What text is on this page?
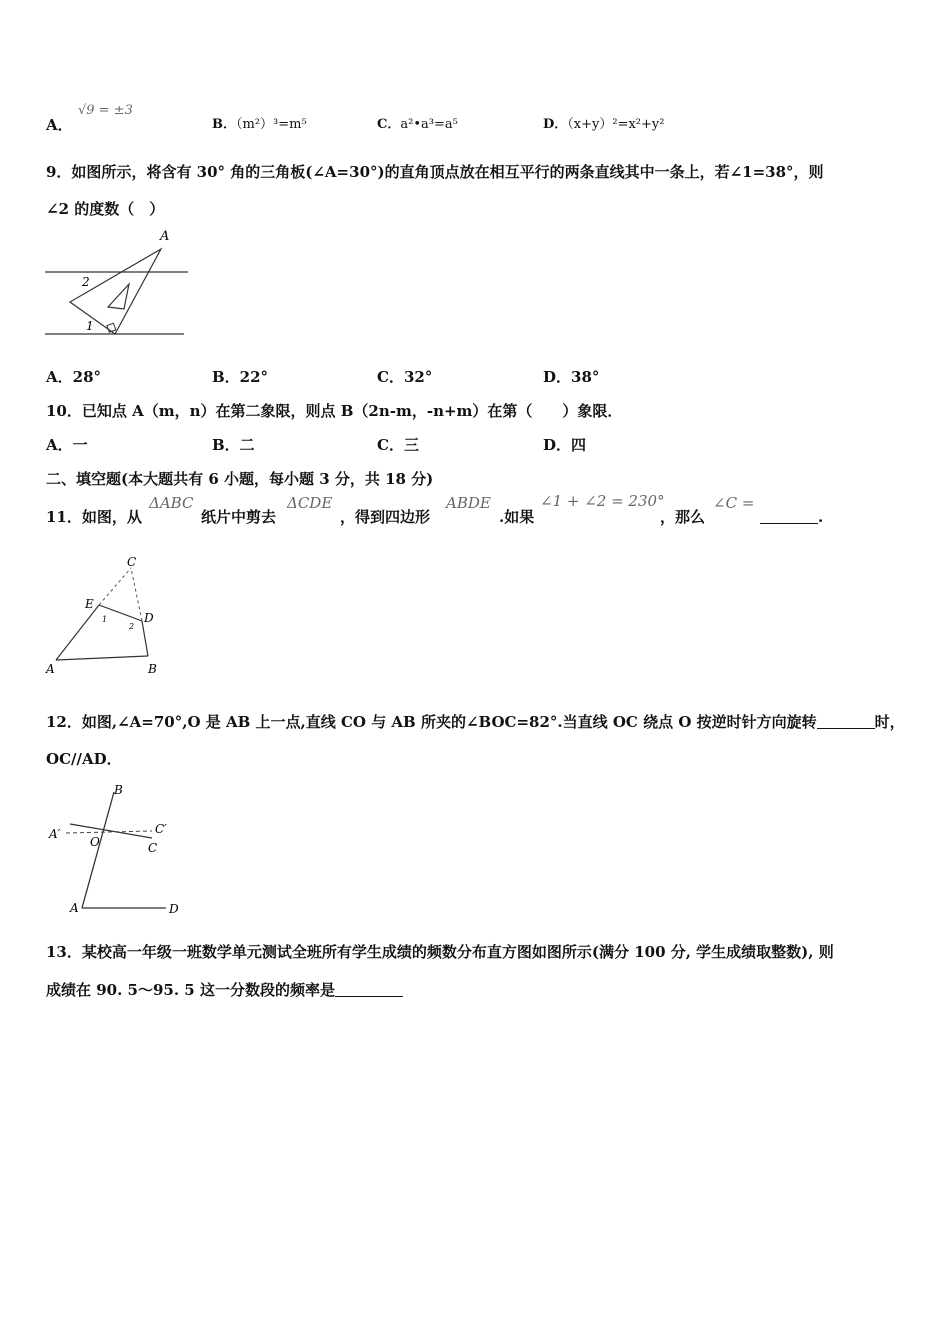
A．
√9 = ±3
B．（m²）³=m⁵	C．a²•a³=a⁵	D．（x+y）²=x²+y²
9．如图所示，将含有 30° 角的三角板(∠A=30°)的直角顶点放在相互平行的两条直线其中一条上，若∠1=38°，则
∠2 的度数（　）
A
2
1
A．28°	B．22°	C．32°	D．38°
10．已知点 A（m，n）在第二象限，则点 B（2n-m，-n+m）在第（　　）象限．
A．一	B．二	C．三	D．四
二、填空题(本大题共有 6 小题，每小题 3 分，共 18 分)
11．如图，从
ΔABC
纸片中剪去
ΔCDE
，得到四边形
ABDE
.如果
∠1 + ∠2 = 230°
，那么
∠C =
.
C
E
D
A	B
1
2
12．如图,∠A=70°,O 是 AB 上一点,直线 CO 与 AB 所夹的∠BOC=82°.当直线 OC 绕点 O 按逆时针方向旋转	时，
OC//AD．
B
A′	C′
O	C
A	D
13．某校高一年级一班数学单元测试全班所有学生成绩的频数分布直方图如图所示(满分 100 分, 学生成绩取整数), 则
成绩在 90. 5～95. 5 这一分数段的频率是
